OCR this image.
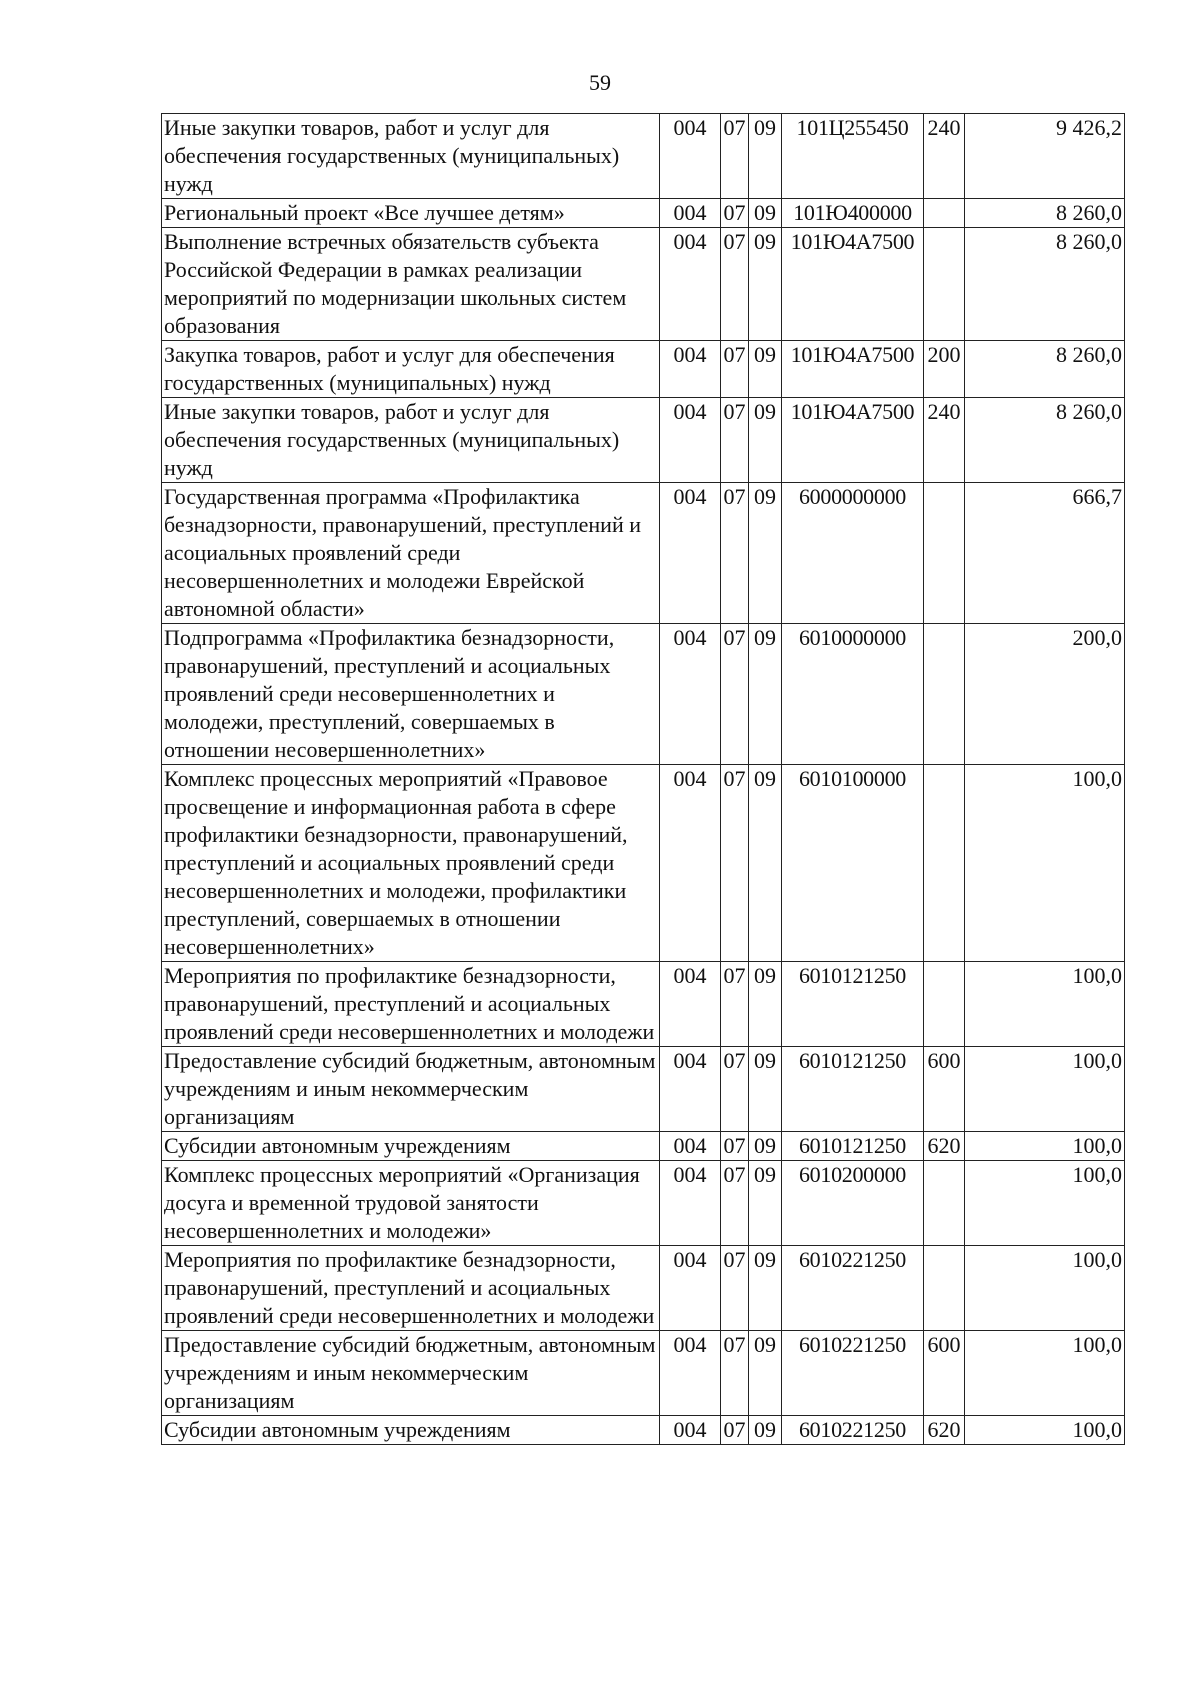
59
Иные закупки товаров, работ и услуг для обеспечения государственных (муниципальных) нужд	004	07	09	101Ц255450	240	9 426,2
Региональный проект «Все лучшее детям»	004	07	09	101Ю400000		8 260,0
Выполнение встречных обязательств субъекта Российской Федерации в рамках реализации мероприятий по модернизации школьных систем образования	004	07	09	101Ю4А7500		8 260,0
Закупка товаров, работ и услуг для обеспечения государственных (муниципальных) нужд	004	07	09	101Ю4А7500	200	8 260,0
Иные закупки товаров, работ и услуг для обеспечения государственных (муниципальных) нужд	004	07	09	101Ю4А7500	240	8 260,0
Государственная программа «Профилактика безнадзорности, правонарушений, преступлений и асоциальных проявлений среди несовершеннолетних и молодежи Еврейской автономной области»	004	07	09	6000000000		666,7
Подпрограмма «Профилактика безнадзорности, правонарушений, преступлений и асоциальных проявлений среди несовершеннолетних и молодежи, преступлений, совершаемых в отношении несовершеннолетних»	004	07	09	6010000000		200,0
Комплекс процессных мероприятий «Правовое просвещение и информационная работа в сфере профилактики безнадзорности, правонарушений, преступлений и асоциальных проявлений среди несовершеннолетних и молодежи, профилактики преступлений, совершаемых в отношении несовершеннолетних»	004	07	09	6010100000		100,0
Мероприятия по профилактике безнадзорности, правонарушений, преступлений и асоциальных проявлений среди несовершеннолетних и молодежи	004	07	09	6010121250		100,0
Предоставление субсидий бюджетным, автономным учреждениям и иным некоммерческим организациям	004	07	09	6010121250	600	100,0
Субсидии автономным учреждениям	004	07	09	6010121250	620	100,0
Комплекс процессных мероприятий «Организация досуга и временной трудовой занятости несовершеннолетних и молодежи»	004	07	09	6010200000		100,0
Мероприятия по профилактике безнадзорности, правонарушений, преступлений и асоциальных проявлений среди несовершеннолетних и молодежи	004	07	09	6010221250		100,0
Предоставление субсидий бюджетным, автономным учреждениям и иным некоммерческим организациям	004	07	09	6010221250	600	100,0
Субсидии автономным учреждениям	004	07	09	6010221250	620	100,0
